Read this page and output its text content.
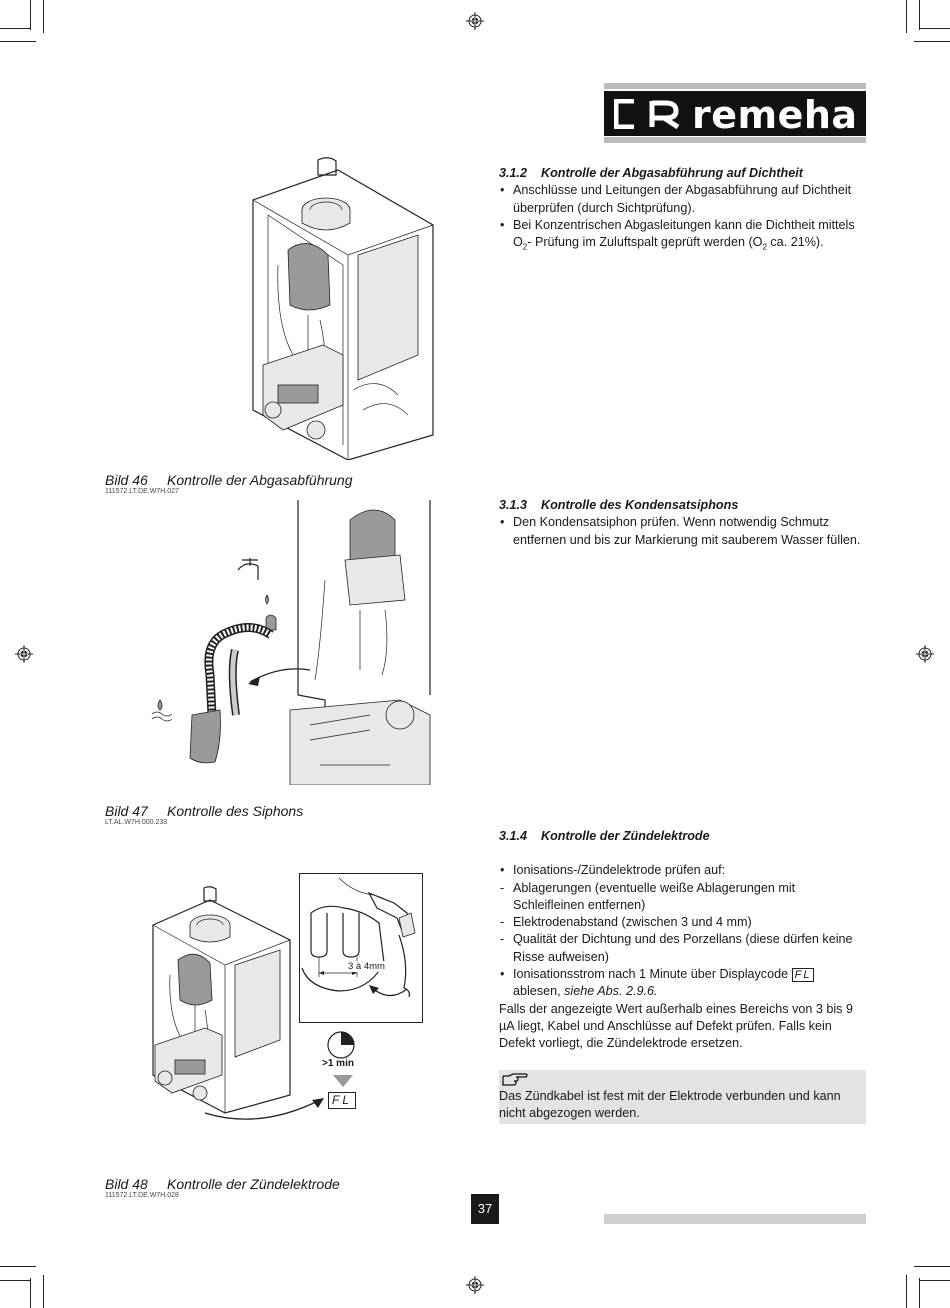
remeha
3.1.2 Kontrolle der Abgasabführung auf Dichtheit
• Anschlüsse und Leitungen der Abgasabführung auf Dichtheit überprüfen (durch Sichtprüfung).
• Bei Konzentrischen Abgasleitungen kann die Dichtheit mittels $O_2-$ Prüfung im Zuluftspalt geprüft werden ($O_2$ ca. 21%).
3.1.3 Kontrolle des Kondensatsiphons
• Den Kondensatsiphon prüfen. Wenn notwendig Schmutz entfernen und bis zur Markierung mit sauberem Wasser füllen.
3.1.4 Kontrolle der Zündelektrode
• Ionisations-/Zündelektrode prüfen auf:
- Ablagerungen (eventuelle weiße Ablagerungen mit Schleifleinen entfernen)
- Elektrodenabstand (zwischen 3 und 4 mm)
- Qualität der Dichtung und des Porzellans (diese dürfen keine Risse aufweisen)
• Ionisationsstrom nach 1 Minute über Displaycode FL
ablesen, siehe Abs. 2.9.6.
Falls der angezeigte Wert außerhalb eines Bereichs von 3 bis 9 µA liegt, Kabel und Anschlüsse auf Defekt prüfen. Falls kein Defekt vorliegt, die Zündelektrode ersetzen.
Das Zündkabel ist fest mit der Elektrode verbunden und kann nicht abgezogen werden.
Bild 46 Kontrolle der Abgasabführung
111572.LT.DE.W7H.027
Bild 47 Kontrolle des Siphons
LT.AL.W7H.000.233
3 à 4mm
>1 min
FL
Bild 48 Kontrolle der Zündelektrode
111572.LT.DE.W7H.028
37
